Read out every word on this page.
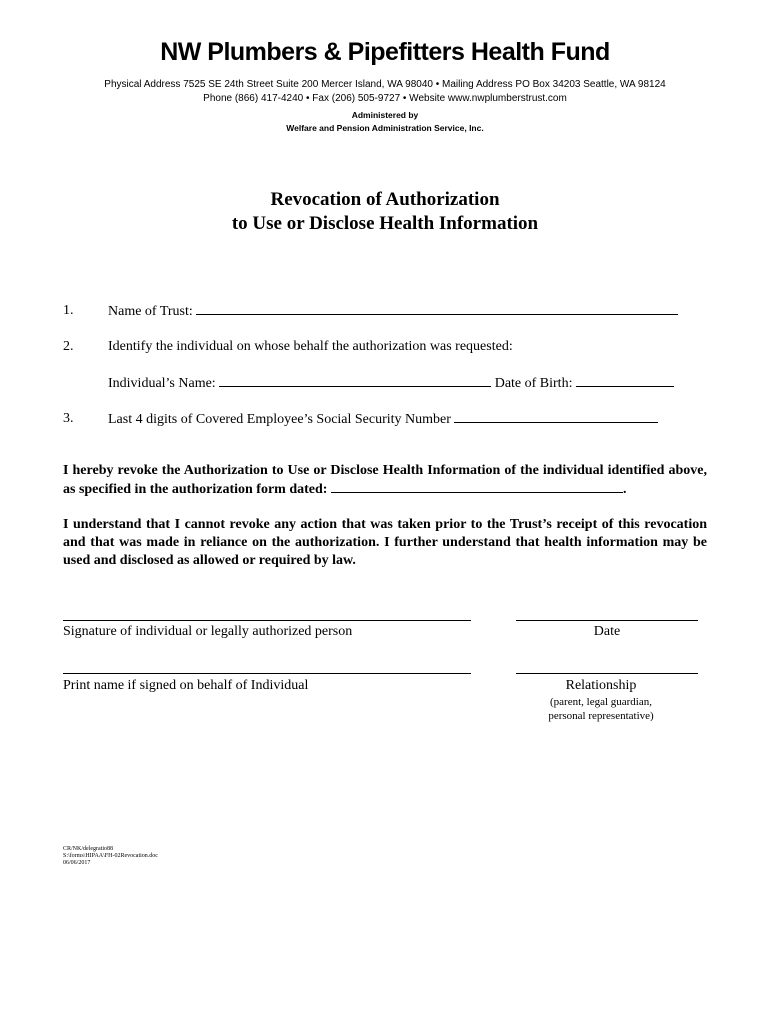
NW Plumbers & Pipefitters Health Fund
Physical Address 7525 SE 24th Street Suite 200 Mercer Island, WA 98040 • Mailing Address PO Box 34203 Seattle, WA 98124
Phone (866) 417-4240 • Fax (206) 505-9727 • Website www.nwplumberstrust.com
Administered by
Welfare and Pension Administration Service, Inc.
Revocation of Authorization
to Use or Disclose Health Information
1. Name of Trust:
2. Identify the individual on whose behalf the authorization was requested:
Individual’s Name:	Date of Birth:
3. Last 4 digits of Covered Employee’s Social Security Number
I hereby revoke the Authorization to Use or Disclose Health Information of the individual identified above, as specified in the authorization form dated:	.
I understand that I cannot revoke any action that was taken prior to the Trust’s receipt of this revocation and that was made in reliance on the authorization. I further understand that health information may be used and disclosed as allowed or required by law.
Signature of individual or legally authorized person	Date
Print name if signed on behalf of Individual	Relationship
(parent, legal guardian,
personal representative)
CR/NK/delegratio88
S:\forms\HIPAA\FH-02Revocation.doc
06/06/2017
